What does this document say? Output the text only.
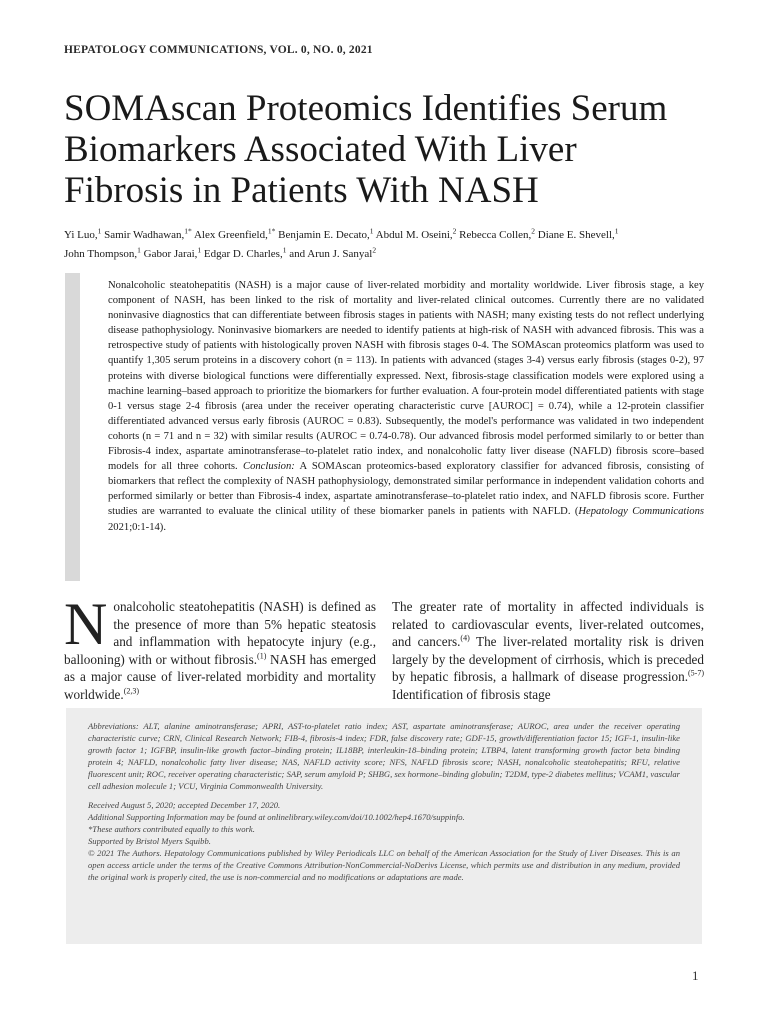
HEPATOLOGY COMMUNICATIONS, VOL. 0, NO. 0, 2021
SOMAscan Proteomics Identifies Serum Biomarkers Associated With Liver Fibrosis in Patients With NASH
Yi Luo,$^1$ Samir Wadhawan,$^{1*}$ Alex Greenfield,$^{1*}$ Benjamin E. Decato,$^1$ Abdul M. Oseini,$^2$ Rebecca Collen,$^2$ Diane E. Shevell,$^1$
John Thompson,$^1$ Gabor Jarai,$^1$ Edgar D. Charles,$^1$ and Arun J. Sanyal$^2$

Nonalcoholic steatohepatitis (NASH) is a major cause of liver-related morbidity and mortality worldwide. Liver fibrosis stage, a key component of NASH, has been linked to the risk of mortality and liver-related clinical outcomes. Currently there are no validated noninvasive diagnostics that can differentiate between fibrosis stages in patients with NASH; many existing tests do not reflect underlying disease pathophysiology. Noninvasive biomarkers are needed to identify patients at high-risk of NASH with advanced fibrosis. This was a retrospective study of patients with histologically proven NASH with fibrosis stages 0-4. The SOMAscan proteomics platform was used to quantify 1,305 serum proteins in a discovery cohort (n = 113). In patients with advanced (stages 3-4) versus early fibrosis (stages 0-2), 97 proteins with diverse biological functions were differentially expressed. Next, fibrosis-stage classification models were explored using a machine learning–based approach to prioritize the biomarkers for further evaluation. A four-protein model differentiated patients with stage 0-1 versus stage 2-4 fibrosis (area under the receiver operating characteristic curve [AUROC] = 0.74), while a 12-protein classifier differentiated advanced versus early fibrosis (AUROC = 0.83). Subsequently, the model's performance was validated in two independent cohorts (n = 71 and n = 32) with similar results (AUROC = 0.74-0.78). Our advanced fibrosis model performed similarly to or better than Fibrosis-4 index, aspartate aminotransferase–to-platelet ratio index, and nonalcoholic fatty liver disease (NAFLD) fibrosis score–based models for all three cohorts. Conclusion: A SOMAscan proteomics-based exploratory classifier for advanced fibrosis, consisting of biomarkers that reflect the complexity of NASH pathophysiology, demonstrated similar performance in independent validation cohorts and performed similarly or better than Fibrosis-4 index, aspartate aminotransferase–to-platelet ratio index, and NAFLD fibrosis score. Further studies are warranted to evaluate the clinical utility of these biomarker panels in patients with NAFLD. (Hepatology Communications 2021;0:1-14).

Nonalcoholic steatohepatitis (NASH) is defined as the presence of more than 5% hepatic steatosis and inflammation with hepatocyte injury (e.g., ballooning) with or without fibrosis.$^{(1)}$ NASH has emerged as a major cause of liver-related morbidity and mortality worldwide.$^{(2,3)}$

The greater rate of mortality in affected individuals is related to cardiovascular events, liver-related outcomes, and cancers.$^{(4)}$ The liver-related mortality risk is driven largely by the development of cirrhosis, which is preceded by hepatic fibrosis, a hallmark of disease progression.$^{(5-7)}$ Identification of fibrosis stage

Abbreviations: ALT, alanine aminotransferase; APRI, AST-to-platelet ratio index; AST, aspartate aminotransferase; AUROC, area under the receiver operating characteristic curve; CRN, Clinical Research Network; FIB-4, fibrosis-4 index; FDR, false discovery rate; GDF-15, growth/differentiation factor 15; IGF-1, insulin-like growth factor 1; IGFBP, insulin-like growth factor–binding protein; IL18BP, interleukin-18–binding protein; LTBP4, latent transforming growth factor beta binding protein 4; NAFLD, nonalcoholic fatty liver disease; NAS, NAFLD activity score; NFS, NAFLD fibrosis score; NASH, nonalcoholic steatohepatitis; RFU, relative fluorescent unit; ROC, receiver operating characteristic; SAP, serum amyloid P; SHBG, sex hormone–binding globulin; T2DM, type-2 diabetes mellitus; VCAM1, vascular cell adhesion molecule 1; VCU, Virginia Commonwealth University.

Received August 5, 2020; accepted December 17, 2020.

Additional Supporting Information may be found at onlinelibrary.wiley.com/doi/10.1002/hep4.1670/suppinfo.

*These authors contributed equally to this work.

Supported by Bristol Myers Squibb.

© 2021 The Authors. Hepatology Communications published by Wiley Periodicals LLC on behalf of the American Association for the Study of Liver Diseases. This is an open access article under the terms of the Creative Commons Attribution-NonCommercial-NoDerivs License, which permits use and distribution in any medium, provided the original work is properly cited, the use is non-commercial and no modifications or adaptations are made.

1
